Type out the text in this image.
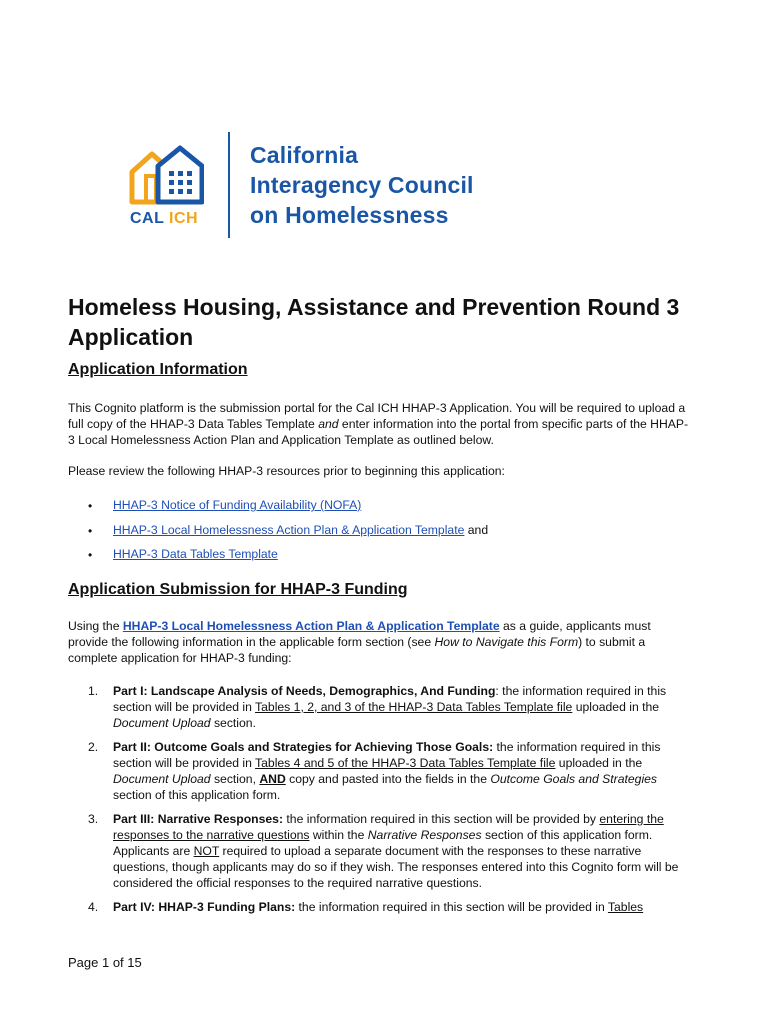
CAL ICH
California
Interagency Council
on Homelessness
Homeless Housing, Assistance and Prevention Round 3 Application
Application Information
This Cognito platform is the submission portal for the Cal ICH HHAP-3 Application. You will be required to upload a full copy of the HHAP-3 Data Tables Template and enter information into the portal from specific parts of the HHAP-3 Local Homelessness Action Plan and Application Template as outlined below.
Please review the following HHAP-3 resources prior to beginning this application:
• HHAP-3 Notice of Funding Availability (NOFA)
• HHAP-3 Local Homelessness Action Plan & Application Template and
• HHAP-3 Data Tables Template
Application Submission for HHAP-3 Funding
Using the HHAP-3 Local Homelessness Action Plan & Application Template as a guide, applicants must provide the following information in the applicable form section (see How to Navigate this Form) to submit a complete application for HHAP-3 funding:
1. Part I: Landscape Analysis of Needs, Demographics, And Funding: the information required in this section will be provided in Tables 1, 2, and 3 of the HHAP-3 Data Tables Template file uploaded in the Document Upload section.
2. Part II: Outcome Goals and Strategies for Achieving Those Goals: the information required in this section will be provided in Tables 4 and 5 of the HHAP-3 Data Tables Template file uploaded in the Document Upload section, AND copy and pasted into the fields in the Outcome Goals and Strategies section of this application form.
3. Part III: Narrative Responses: the information required in this section will be provided by entering the responses to the narrative questions within the Narrative Responses section of this application form. Applicants are NOT required to upload a separate document with the responses to these narrative questions, though applicants may do so if they wish. The responses entered into this Cognito form will be considered the official responses to the required narrative questions.
4. Part IV: HHAP-3 Funding Plans: the information required in this section will be provided in Tables
Page 1 of 15
